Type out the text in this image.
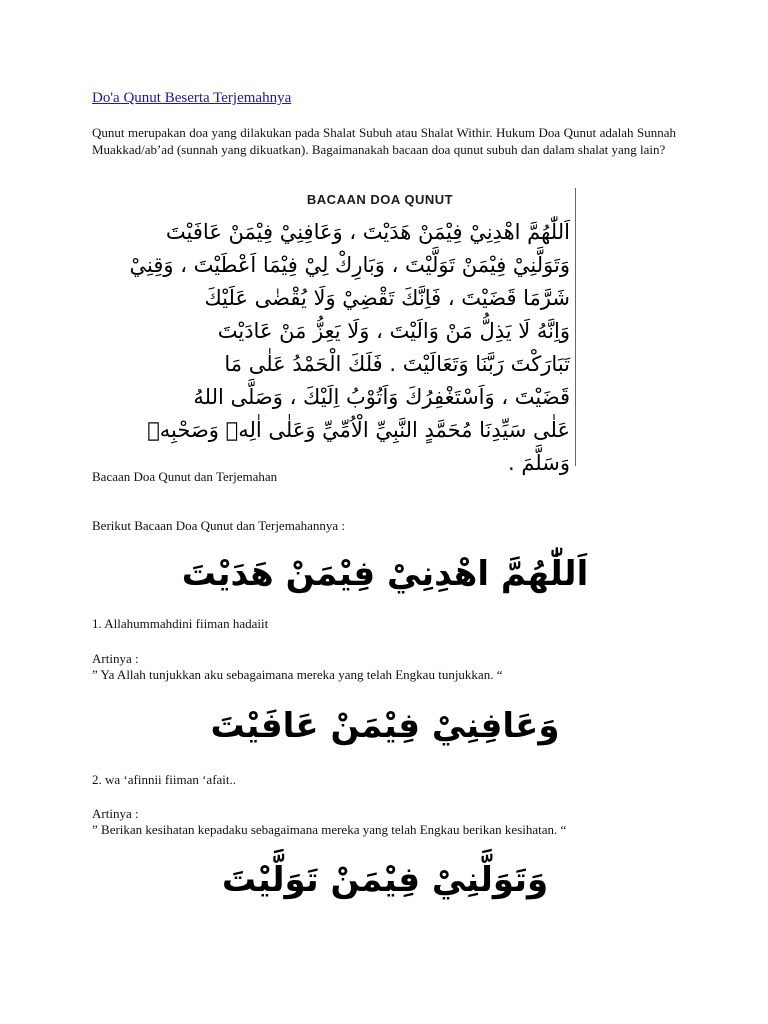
Do'a Qunut Beserta Terjemahnya

Qunut merupakan doa yang dilakukan pada Shalat Subuh atau Shalat Withir. Hukum Doa Qunut adalah Sunnah Muakkad/ab’ad (sunnah yang dikuatkan). Bagaimanakah bacaan doa qunut subuh dan dalam shalat yang lain?

BACAAN DOA QUNUT
اَللّٰهُمَّ اهْدِنِيْ فِيْمَنْ هَدَيْتَ ، وَعَافِنِيْ فِيْمَنْ عَافَيْتَ
وَتَوَلَّنِيْ فِيْمَنْ تَوَلَّيْتَ ، وَبَارِكْ لِيْ فِيْمَا اَعْطَيْتَ ، وَقِنِيْ
شَرَّمَا قَضَيْتَ ، فَاِنَّكَ تَقْضِيْ وَلَا يُقْضٰى عَلَيْكَ
وَاِنَّهُ لَا يَذِلُّ مَنْ وَالَيْتَ ، وَلَا يَعِزُّ مَنْ عَادَيْتَ
تَبَارَكْتَ رَبَّنَا وَتَعَالَيْتَ . فَلَكَ الْحَمْدُ عَلٰى مَا
قَضَيْتَ ، وَاَسْتَغْفِرُكَ وَاَتُوْبُ اِلَيْكَ ، وَصَلَّى اللهُ
عَلٰى سَيِّدِنَا مُحَمَّدٍ النَّبِيِّ الْاُمِّيِّ وَعَلٰى اٰلِهٖ وَصَحْبِهٖ
وَسَلَّمَ .
Bacaan Doa Qunut dan Terjemahan
Berikut Bacaan Doa Qunut dan Terjemahannya :
اَللّٰهُمَّ اهْدِنِيْ فِيْمَنْ هَدَيْتَ
1. Allahummahdini fiiman hadaiit
Artinya :
” Ya Allah tunjukkan aku sebagaimana mereka yang telah Engkau tunjukkan. “
وَعَافِنِيْ فِيْمَنْ عَافَيْتَ
2. wa ‘afinnii fiiman ‘afait..
Artinya :
” Berikan kesihatan kepadaku sebagaimana mereka yang telah Engkau berikan kesihatan. “
وَتَوَلَّنِيْ فِيْمَنْ تَوَلَّيْتَ
